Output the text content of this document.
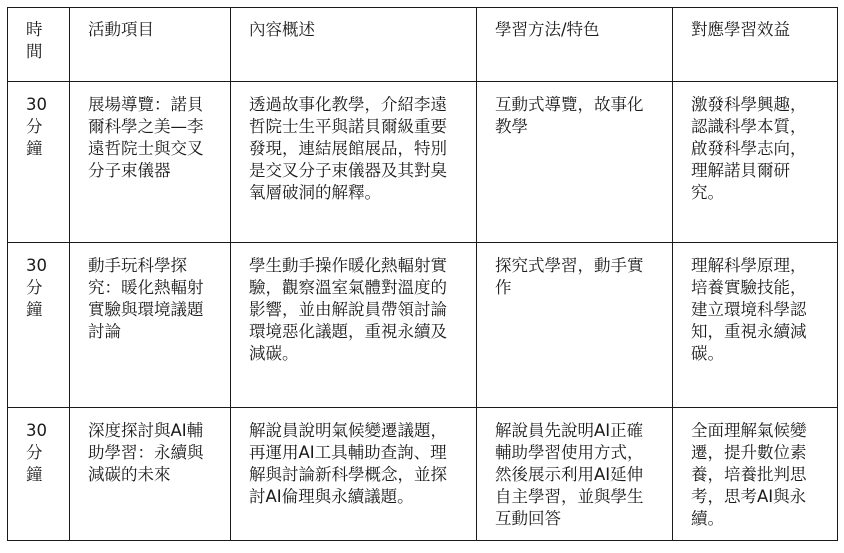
時
間	活動項目	內容概述	學習方法/特色	對應學習效益

30
分
鐘	展場導覽：諾貝爾科學之美—李遠哲院士與交叉分子束儀器	透過故事化教學，介紹李遠哲院士生平與諾貝爾級重要發現，連結展館展品，特別是交叉分子束儀器及其對臭氧層破洞的解釋。	互動式導覽，故事化教學	激發科學興趣，認識科學本質，啟發科學志向，理解諾貝爾研究。

30
分
鐘	動手玩科學探究：暖化熱輻射實驗與環境議題討論	學生動手操作暖化熱輻射實驗，觀察溫室氣體對溫度的影響，並由解說員帶領討論環境惡化議題，重視永續及減碳。	探究式學習，動手實作	理解科學原理，培養實驗技能，建立環境科學認知，重視永續減碳。

30
分
鐘	深度探討與AI輔助學習：永續與減碳的未來	解說員說明氣候變遷議題，再運用AI工具輔助查詢、理解與討論新科學概念，並探討AI倫理與永續議題。	解說員先說明AI正確輔助學習使用方式，然後展示利用AI延伸自主學習，並與學生互動回答	全面理解氣候變遷，提升數位素養，培養批判思考，思考AI與永續。
